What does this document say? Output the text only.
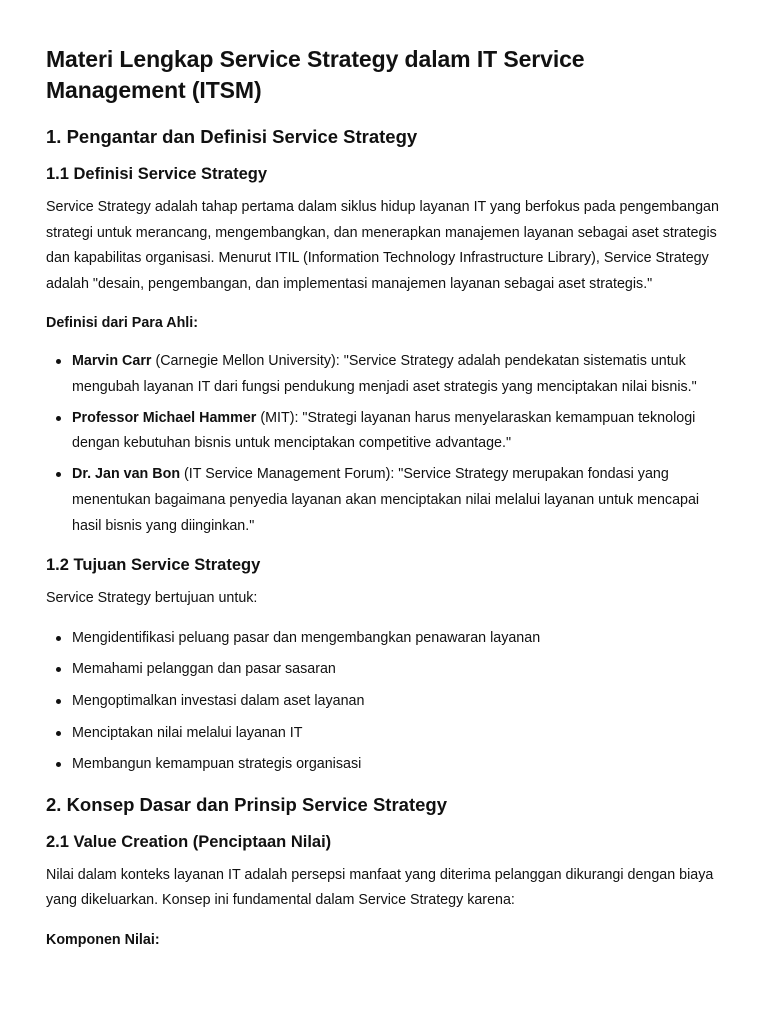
Materi Lengkap Service Strategy dalam IT Service Management (ITSM)
1. Pengantar dan Definisi Service Strategy
1.1 Definisi Service Strategy

Service Strategy adalah tahap pertama dalam siklus hidup layanan IT yang berfokus pada pengembangan strategi untuk merancang, mengembangkan, dan menerapkan manajemen layanan sebagai aset strategis dan kapabilitas organisasi. Menurut ITIL (Information Technology Infrastructure Library), Service Strategy adalah "desain, pengembangan, dan implementasi manajemen layanan sebagai aset strategis."

Definisi dari Para Ahli:

Marvin Carr (Carnegie Mellon University): "Service Strategy adalah pendekatan sistematis untuk mengubah layanan IT dari fungsi pendukung menjadi aset strategis yang menciptakan nilai bisnis."
Professor Michael Hammer (MIT): "Strategi layanan harus menyelaraskan kemampuan teknologi dengan kebutuhan bisnis untuk menciptakan competitive advantage."
Dr. Jan van Bon (IT Service Management Forum): "Service Strategy merupakan fondasi yang menentukan bagaimana penyedia layanan akan menciptakan nilai melalui layanan untuk mencapai hasil bisnis yang diinginkan."
1.2 Tujuan Service Strategy

Service Strategy bertujuan untuk:

Mengidentifikasi peluang pasar dan mengembangkan penawaran layanan
Memahami pelanggan dan pasar sasaran
Mengoptimalkan investasi dalam aset layanan
Menciptakan nilai melalui layanan IT
Membangun kemampuan strategis organisasi
2. Konsep Dasar dan Prinsip Service Strategy
2.1 Value Creation (Penciptaan Nilai)

Nilai dalam konteks layanan IT adalah persepsi manfaat yang diterima pelanggan dikurangi dengan biaya yang dikeluarkan. Konsep ini fundamental dalam Service Strategy karena:

Komponen Nilai:
